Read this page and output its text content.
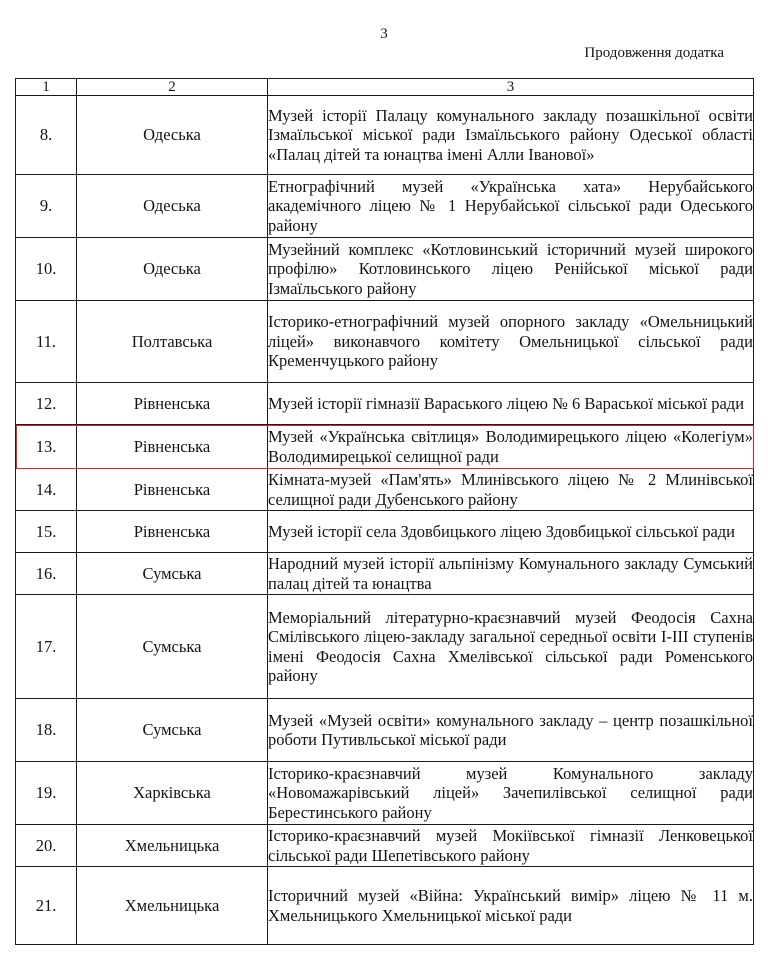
3
Продовження додатка
1	2	3
8.	Одеська	Музей історії Палацу комунального закладу позашкільної освіти Ізмаїльської міської ради Ізмаїльського району Одеської області «Палац дітей та юнацтва імені Алли Іванової»
9.	Одеська	Етнографічний музей «Українська хата» Нерубайського академічного ліцею № 1 Нерубайської сільської ради Одеського району
10.	Одеська	Музейний комплекс «Котловинський історичний музей широкого профілю» Котловинського ліцею Ренійської міської ради Ізмаїльського району
11.	Полтавська	Історико-етнографічний музей опорного закладу «Омельницький ліцей» виконавчого комітету Омельницької сільської ради Кременчуцького району
12.	Рівненська	Музей історії гімназії Вараського ліцею № 6 Вараської міської ради
13.	Рівненська	Музей «Українська світлиця» Володимирецького ліцею «Колегіум» Володимирецької селищної ради
14.	Рівненська	Кімната-музей «Пам'ять» Млинівського ліцею № 2 Млинівської селищної ради Дубенського району
15.	Рівненська	Музей історії села Здовбицького ліцею Здовбицької сільської ради
16.	Сумська	Народний музей історії альпінізму Комунального закладу Сумський палац дітей та юнацтва
17.	Сумська	Меморіальний літературно-краєзнавчий музей Феодосія Сахна Смілівського ліцею-закладу загальної середньої освіти І-ІІІ ступенів імені Феодосія Сахна Хмелівської сільської ради Роменського району
18.	Сумська	Музей «Музей освіти» комунального закладу – центр позашкільної роботи Путивльської міської ради
19.	Харківська	Історико-краєзнавчий музей Комунального закладу «Новомажарівський ліцей» Зачепилівської селищної ради Берестинського району
20.	Хмельницька	Історико-краєзнавчий музей Мокіївської гімназії Ленковецької сільської ради Шепетівського району
21.	Хмельницька	Історичний музей «Війна: Український вимір» ліцею № 11 м. Хмельницького Хмельницької міської ради
